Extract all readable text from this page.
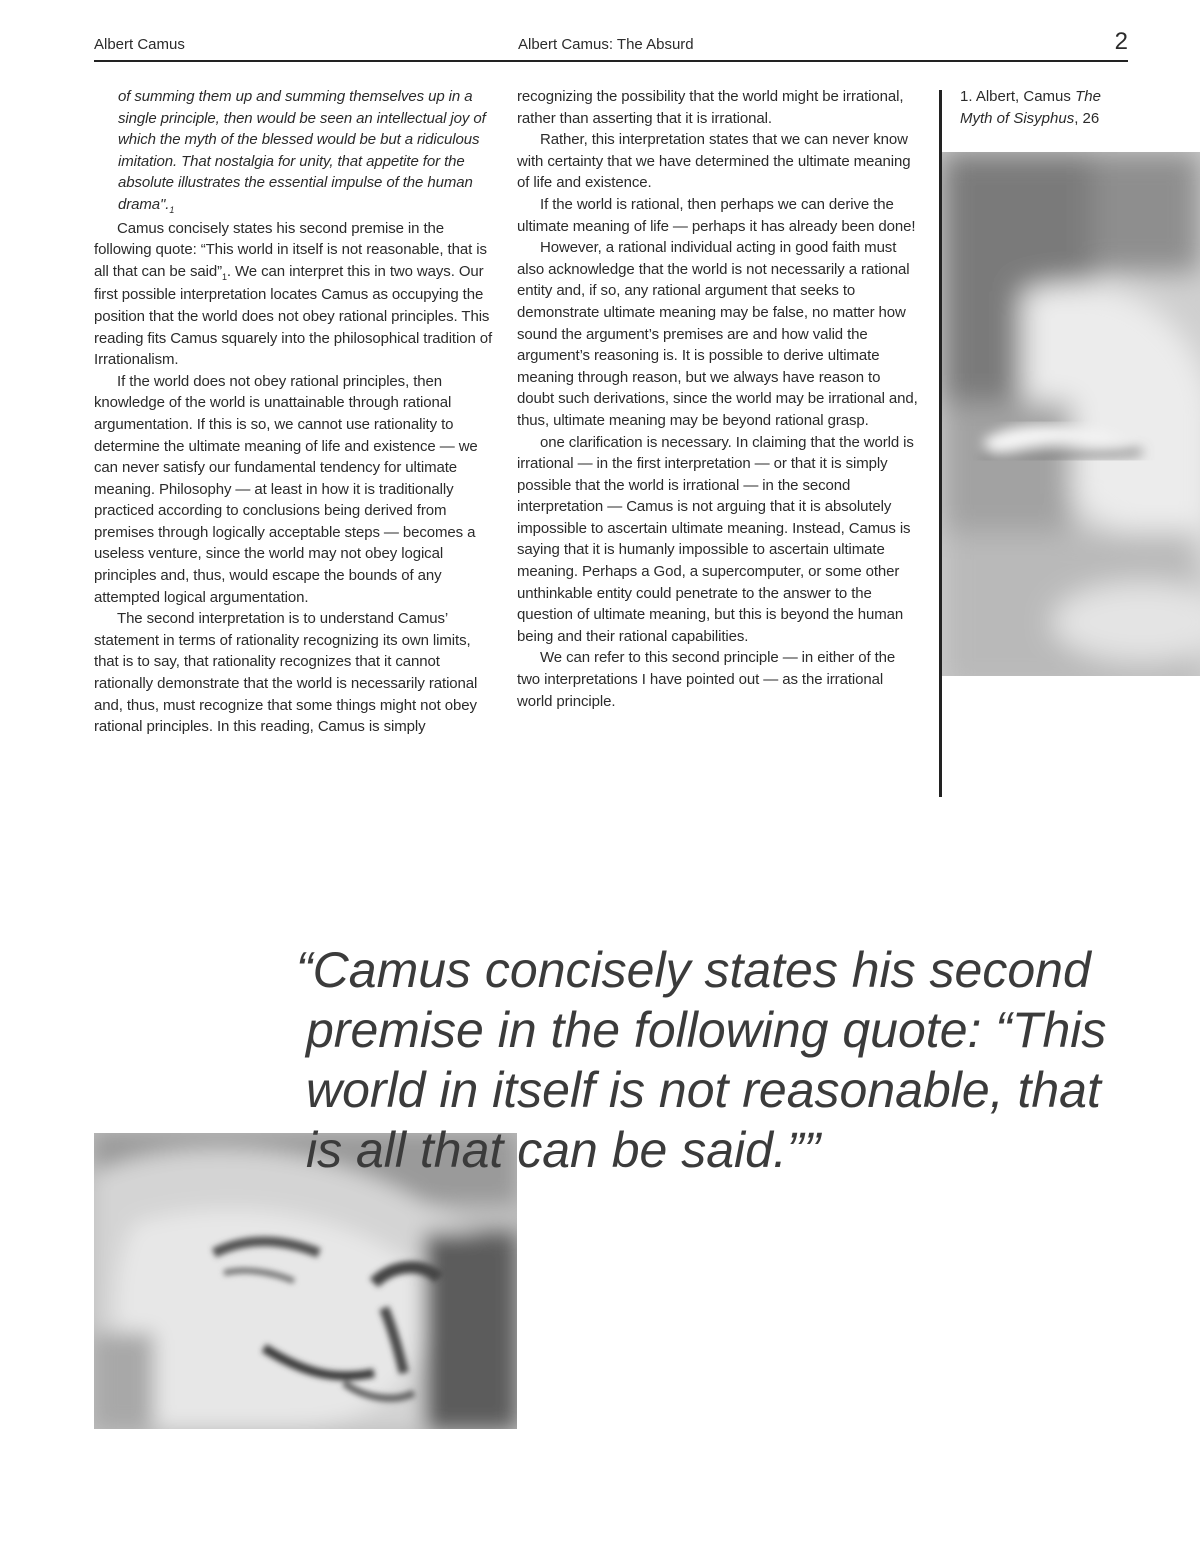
Albert Camus	Albert Camus: The Absurd	2

of summing them up and summing themselves up in a single principle, then would be seen an intellectual joy of which the myth of the blessed would be but a ridiculous imitation. That nostalgia for unity, that appetite for the absolute illustrates the essential impulse of the human $drama"._1$

Camus concisely states his second premise in the following quote: “This world in itself is not reasonable, that is all that can be $said”_1$. We can interpret this in two ways. Our first possible interpretation locates Camus as occupying the position that the world does not obey rational principles. This reading fits Camus squarely into the philosophical tradition of Irrationalism.

If the world does not obey rational principles, then knowledge of the world is unattainable through rational argumentation. If this is so, we cannot use rationality to determine the ultimate meaning of life and existence — we can never satisfy our fundamental tendency for ultimate meaning. Philosophy — at least in how it is traditionally practiced according to conclusions being derived from premises through logically acceptable steps — becomes a useless venture, since the world may not obey logical principles and, thus, would escape the bounds of any attempted logical argumentation.

The second interpretation is to understand Camus’ statement in terms of rationality recognizing its own limits, that is to say, that rationality recognizes that it cannot rationally demonstrate that the world is necessarily rational and, thus, must recognize that some things might not obey rational principles. In this reading, Camus is simply

recognizing the possibility that the world might be irrational, rather than asserting that it is irrational.

Rather, this interpretation states that we can never know with certainty that we have determined the ultimate meaning of life and existence.

If the world is rational, then perhaps we can derive the ultimate meaning of life — perhaps it has already been done!

However, a rational individual acting in good faith must also acknowledge that the world is not necessarily a rational entity and, if so, any rational argument that seeks to demonstrate ultimate meaning may be false, no matter how sound the argument’s premises are and how valid the argument’s reasoning is. It is possible to derive ultimate meaning through reason, but we always have reason to doubt such derivations, since the world may be irrational and, thus, ultimate meaning may be beyond rational grasp.

one clarification is necessary. In claiming that the world is irrational — in the first interpretation — or that it is simply possible that the world is irrational — in the second interpretation — Camus is not arguing that it is absolutely impossible to ascertain ultimate meaning. Instead, Camus is saying that it is humanly impossible to ascertain ultimate meaning. Perhaps a God, a supercomputer, or some other unthinkable entity could penetrate to the answer to the question of ultimate meaning, but this is beyond the human being and their rational capabilities.

We can refer to this second principle — in either of the two interpretations I have pointed out — as the irrational world principle.

1. Albert, Camus The Myth of Sisyphus, 26
“Camus concisely states his second
premise in the following quote: “This
world in itself is not reasonable, that
is all that can be said.””
